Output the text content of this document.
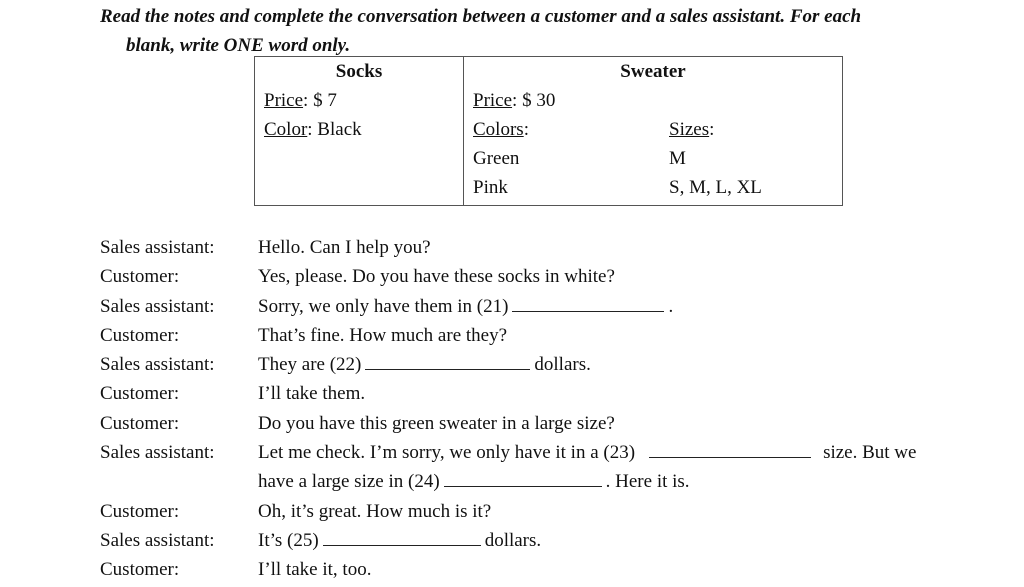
Read the notes and complete the conversation between a customer and a sales assistant. For each
blank, write ONE word only.
Socks
Price: $ 7
Color: Black

Sweater
Price: $ 30
Colors:	Sizes:
Green	M
Pink	S, M, L, XL
Sales assistant:	Hello. Can I help you?
Customer:	Yes, please. Do you have these socks in white?
Sales assistant:	Sorry, we only have them in (21)	.
Customer:	That’s fine. How much are they?
Sales assistant:	They are (22)	dollars.
Customer:	I’ll take them.
Customer:	Do you have this green sweater in a large size?
Sales assistant:	Let me check. I’m sorry, we only have it in a (23)	size. But we
have a large size in (24)	. Here it is.
Customer:	Oh, it’s great. How much is it?
Sales assistant:	It’s (25)	dollars.
Customer:	I’ll take it, too.
